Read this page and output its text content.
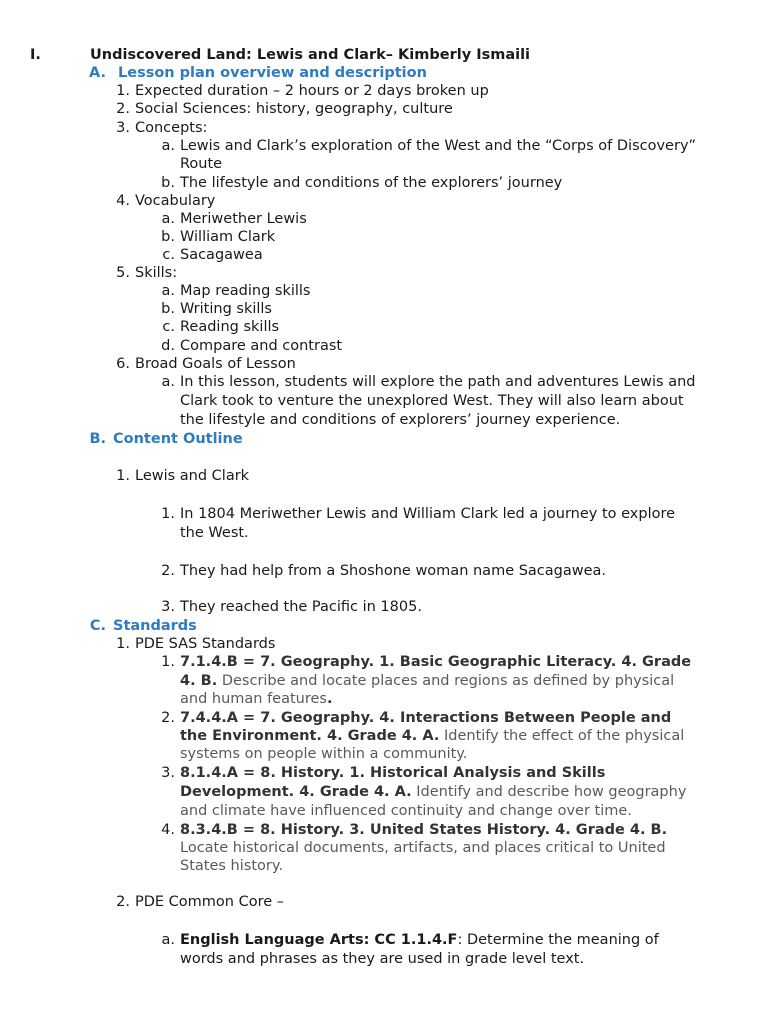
I.	Undiscovered Land: Lewis and Clark– Kimberly Ismaili
A. Lesson plan overview and description
1. Expected duration – 2 hours or 2 days broken up
2. Social Sciences: history, geography, culture
3. Concepts:
a. Lewis and Clark’s exploration of the West and the “Corps of Discovery”
Route
b. The lifestyle and conditions of the explorers’ journey
4. Vocabulary
a. Meriwether Lewis
b. William Clark
c. Sacagawea
5. Skills:
a. Map reading skills
b. Writing skills
c. Reading skills
d. Compare and contrast
6. Broad Goals of Lesson
a. In this lesson, students will explore the path and adventures Lewis and
Clark took to venture the unexplored West. They will also learn about
the lifestyle and conditions of explorers’ journey experience.
B. Content Outline
1. Lewis and Clark
1. In 1804 Meriwether Lewis and William Clark led a journey to explore
the West.
2. They had help from a Shoshone woman name Sacagawea.
3. They reached the Pacific in 1805.
C. Standards
1. PDE SAS Standards
1. 7.1.4.B = 7. Geography. 1. Basic Geographic Literacy. 4. Grade
4. B. Describe and locate places and regions as defined by physical
and human features.
2. 7.4.4.A = 7. Geography. 4. Interactions Between People and
the Environment. 4. Grade 4. A. Identify the effect of the physical
systems on people within a community.
3. 8.1.4.A = 8. History. 1. Historical Analysis and Skills
Development. 4. Grade 4. A. Identify and describe how geography
and climate have influenced continuity and change over time.
4. 8.3.4.B = 8. History. 3. United States History. 4. Grade 4. B.
Locate historical documents, artifacts, and places critical to United
States history.
2. PDE Common Core –
a. English Language Arts: CC 1.1.4.F: Determine the meaning of
words and phrases as they are used in grade level text.
